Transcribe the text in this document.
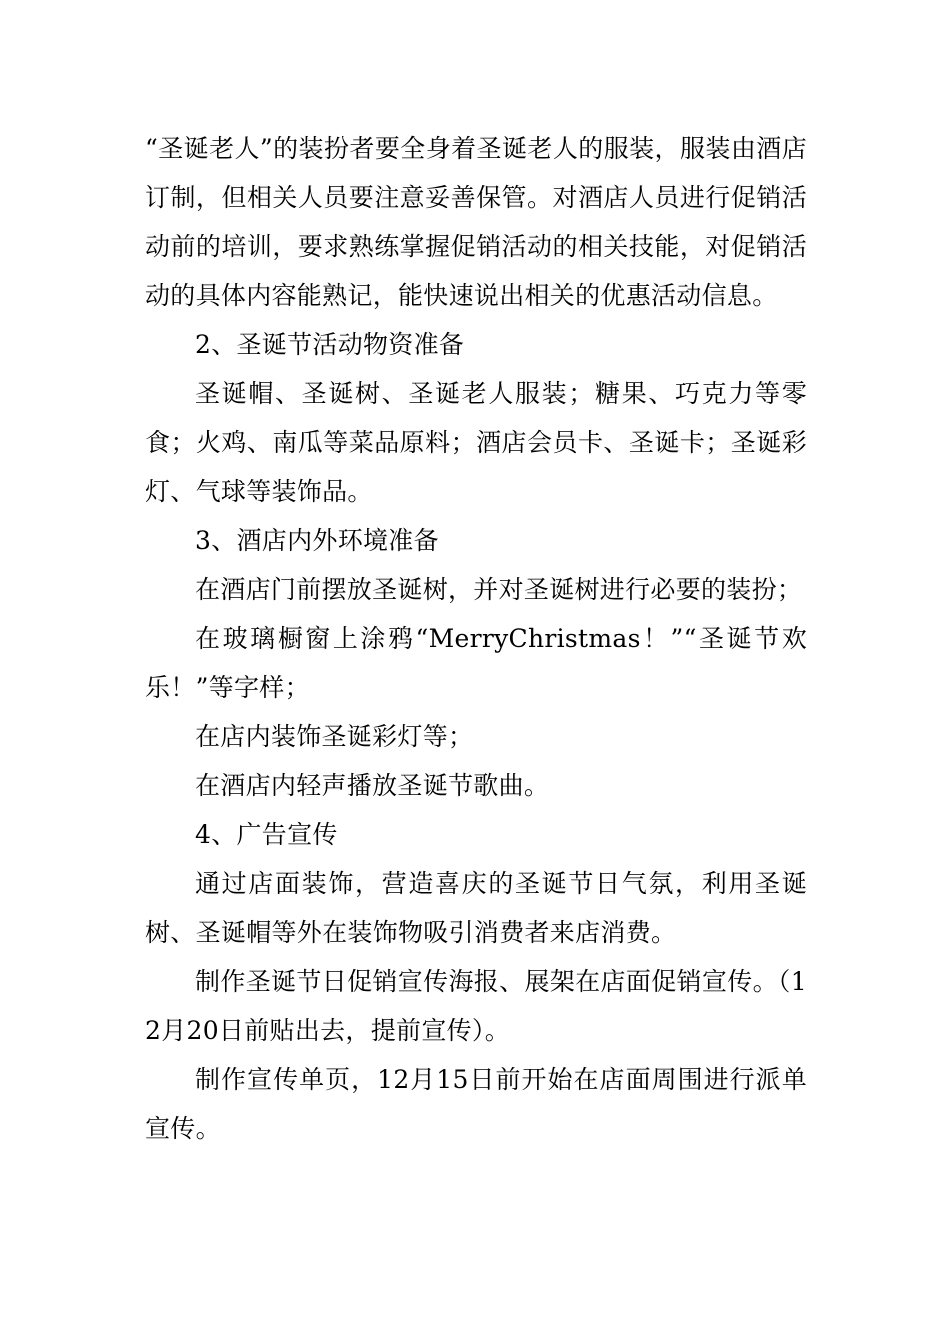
“圣诞老人”的装扮者要全身着圣诞老人的服装，服装由酒店订制，但相关人员要注意妥善保管。对酒店人员进行促销活动前的培训，要求熟练掌握促销活动的相关技能，对促销活动的具体内容能熟记，能快速说出相关的优惠活动信息。

2、圣诞节活动物资准备

圣诞帽、圣诞树、圣诞老人服装；糖果、巧克力等零食；火鸡、南瓜等菜品原料；酒店会员卡、圣诞卡；圣诞彩灯、气球等装饰品。

3、酒店内外环境准备

在酒店门前摆放圣诞树，并对圣诞树进行必要的装扮；

在玻璃橱窗上涂鸦“MerryChristmas！”“圣诞节欢乐！”等字样；

在店内装饰圣诞彩灯等；

在酒店内轻声播放圣诞节歌曲。

4、广告宣传

通过店面装饰，营造喜庆的圣诞节日气氛，利用圣诞树、圣诞帽等外在装饰物吸引消费者来店消费。

制作圣诞节日促销宣传海报、展架在店面促销宣传。（12月20日前贴出去，提前宣传）。

制作宣传单页，12月15日前开始在店面周围进行派单宣传。
